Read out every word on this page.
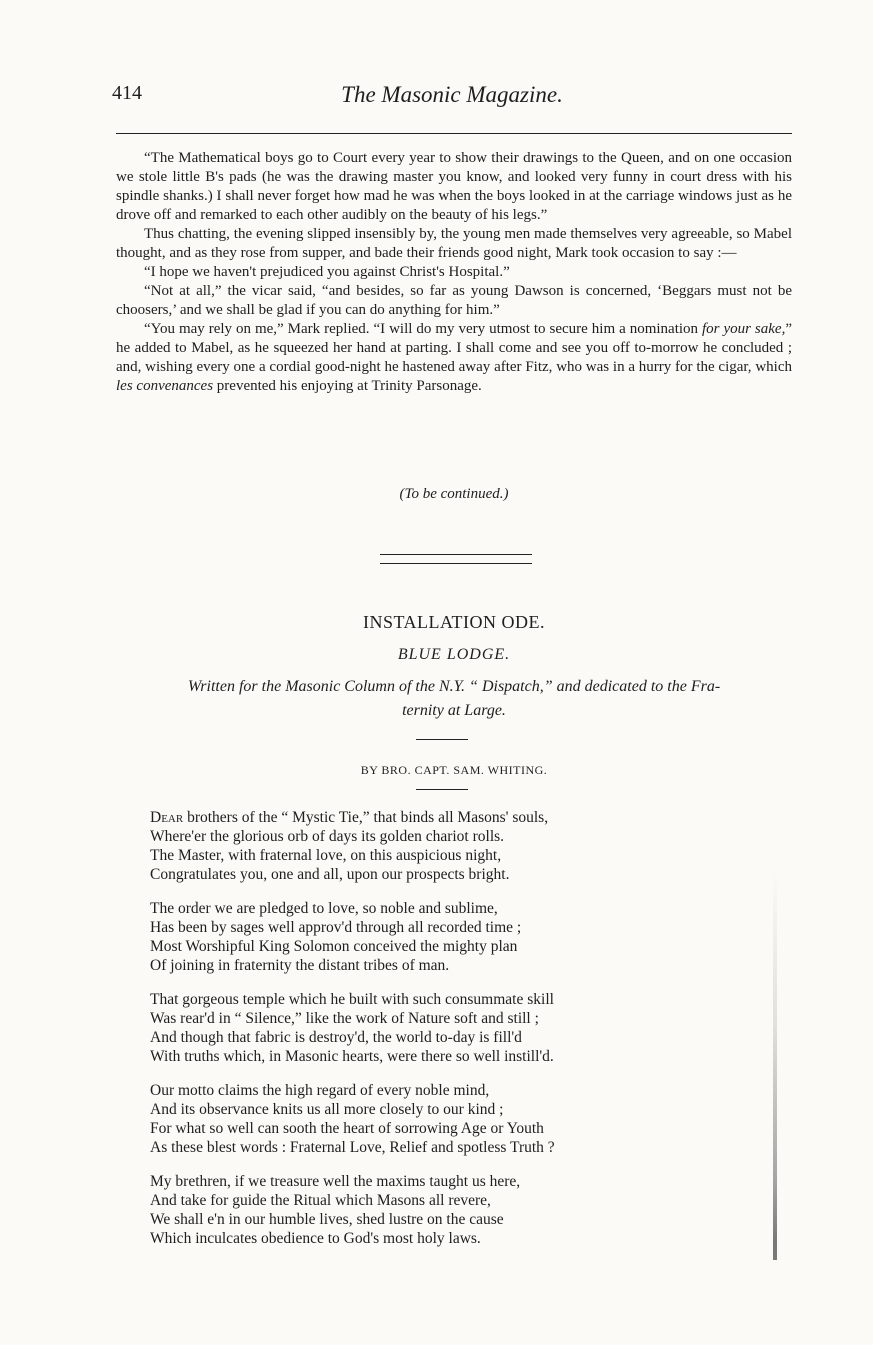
414	The Masonic Magazine.

“The Mathematical boys go to Court every year to show their drawings to the Queen, and on one occasion we stole little B's pads (he was the drawing master you know, and looked very funny in court dress with his spindle shanks.) I shall never forget how mad he was when the boys looked in at the carriage windows just as he drove off and remarked to each other audibly on the beauty of his legs.”

Thus chatting, the evening slipped insensibly by, the young men made themselves very agreeable, so Mabel thought, and as they rose from supper, and bade their friends good night, Mark took occasion to say :—

“I hope we haven't prejudiced you against Christ's Hospital.”

“Not at all,” the vicar said, “and besides, so far as young Dawson is concerned, ‘Beggars must not be choosers,’ and we shall be glad if you can do anything for him.”

“You may rely on me,” Mark replied. “I will do my very utmost to secure him a nomination for your sake,” he added to Mabel, as he squeezed her hand at parting. I shall come and see you off to-morrow he concluded ; and, wishing every one a cordial good-night he hastened away after Fitz, who was in a hurry for the cigar, which les convenances prevented his enjoying at Trinity Parsonage.

(To be continued.)
INSTALLATION ODE.
BLUE LODGE.
Written for the Masonic Column of the N.Y. “ Dispatch,” and dedicated to the Fra-
ternity at Large.
BY BRO. CAPT. SAM. WHITING.
Dear brothers of the “ Mystic Tie,” that binds all Masons' souls,
Where'er the glorious orb of days its golden chariot rolls.
The Master, with fraternal love, on this auspicious night,
Congratulates you, one and all, upon our prospects bright.
The order we are pledged to love, so noble and sublime,
Has been by sages well approv'd through all recorded time ;
Most Worshipful King Solomon conceived the mighty plan
Of joining in fraternity the distant tribes of man.
That gorgeous temple which he built with such consummate skill
Was rear'd in “ Silence,” like the work of Nature soft and still ;
And though that fabric is destroy'd, the world to-day is fill'd
With truths which, in Masonic hearts, were there so well instill'd.
Our motto claims the high regard of every noble mind,
And its observance knits us all more closely to our kind ;
For what so well can sooth the heart of sorrowing Age or Youth
As these blest words : Fraternal Love, Relief and spotless Truth ?
My brethren, if we treasure well the maxims taught us here,
And take for guide the Ritual which Masons all revere,
We shall e'n in our humble lives, shed lustre on the cause
Which inculcates obedience to God's most holy laws.
